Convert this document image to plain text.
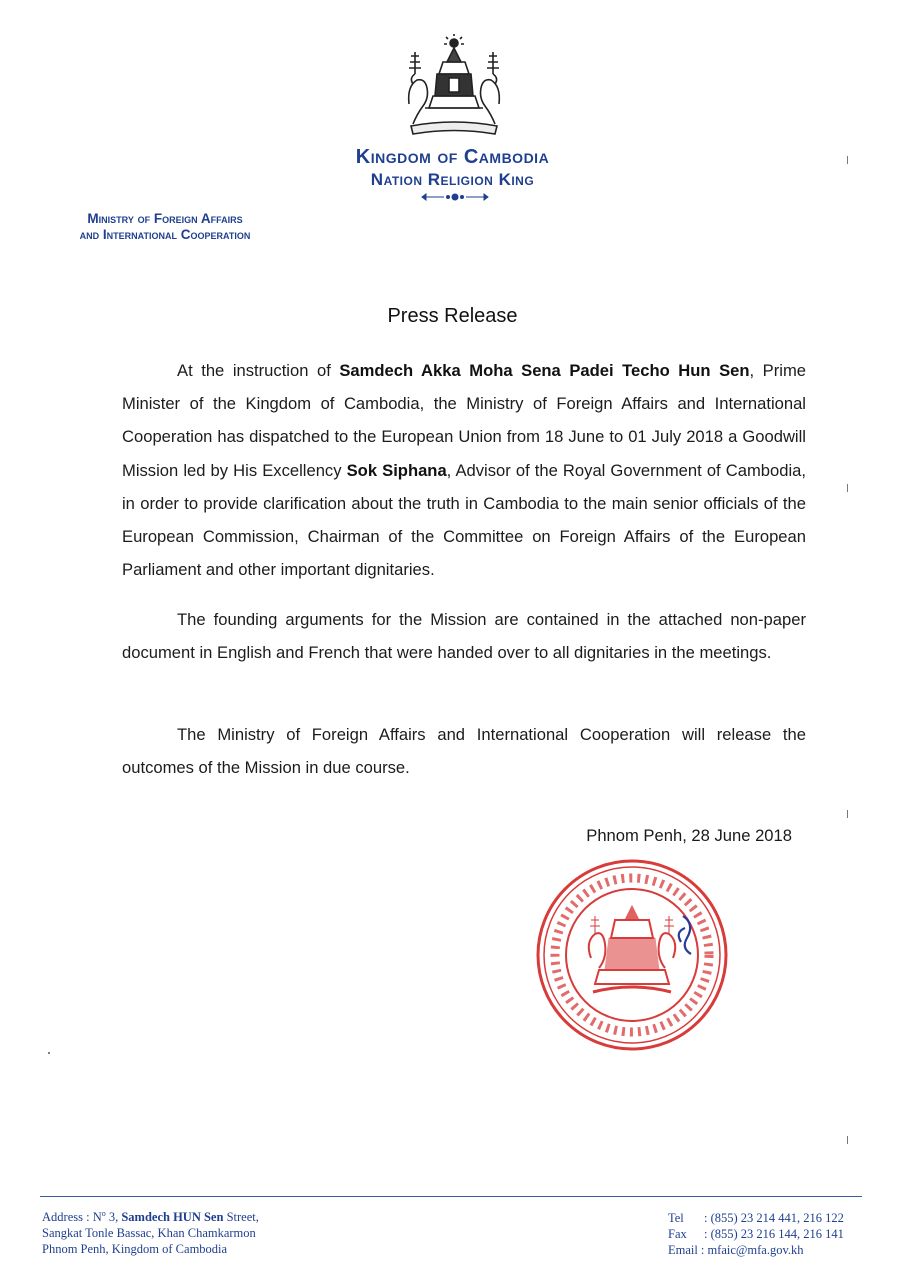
Kingdom of Cambodia
Nation Religion King
Ministry of Foreign Affairs
and International Cooperation
Press Release

At the instruction of Samdech Akka Moha Sena Padei Techo Hun Sen, Prime Minister of the Kingdom of Cambodia, the Ministry of Foreign Affairs and International Cooperation has dispatched to the European Union from 18 June to 01 July 2018 a Goodwill Mission led by His Excellency Sok Siphana, Advisor of the Royal Government of Cambodia, in order to provide clarification about the truth in Cambodia to the main senior officials of the European Commission, Chairman of the Committee on Foreign Affairs of the European Parliament and other important dignitaries.

The founding arguments for the Mission are contained in the attached non-paper document in English and French that were handed over to all dignitaries in the meetings.

The Ministry of Foreign Affairs and International Cooperation will release the outcomes of the Mission in due course.

Phnom Penh, 28 June 2018
Address : $N^o$ 3, Samdech HUN Sen Street,
Sangkat Tonle Bassac, Khan Chamkarmon
Phnom Penh, Kingdom of Cambodia
Tel : (855) 23 214 441, 216 122
Fax : (855) 23 216 144, 216 141
Email : mfaic@mfa.gov.kh
